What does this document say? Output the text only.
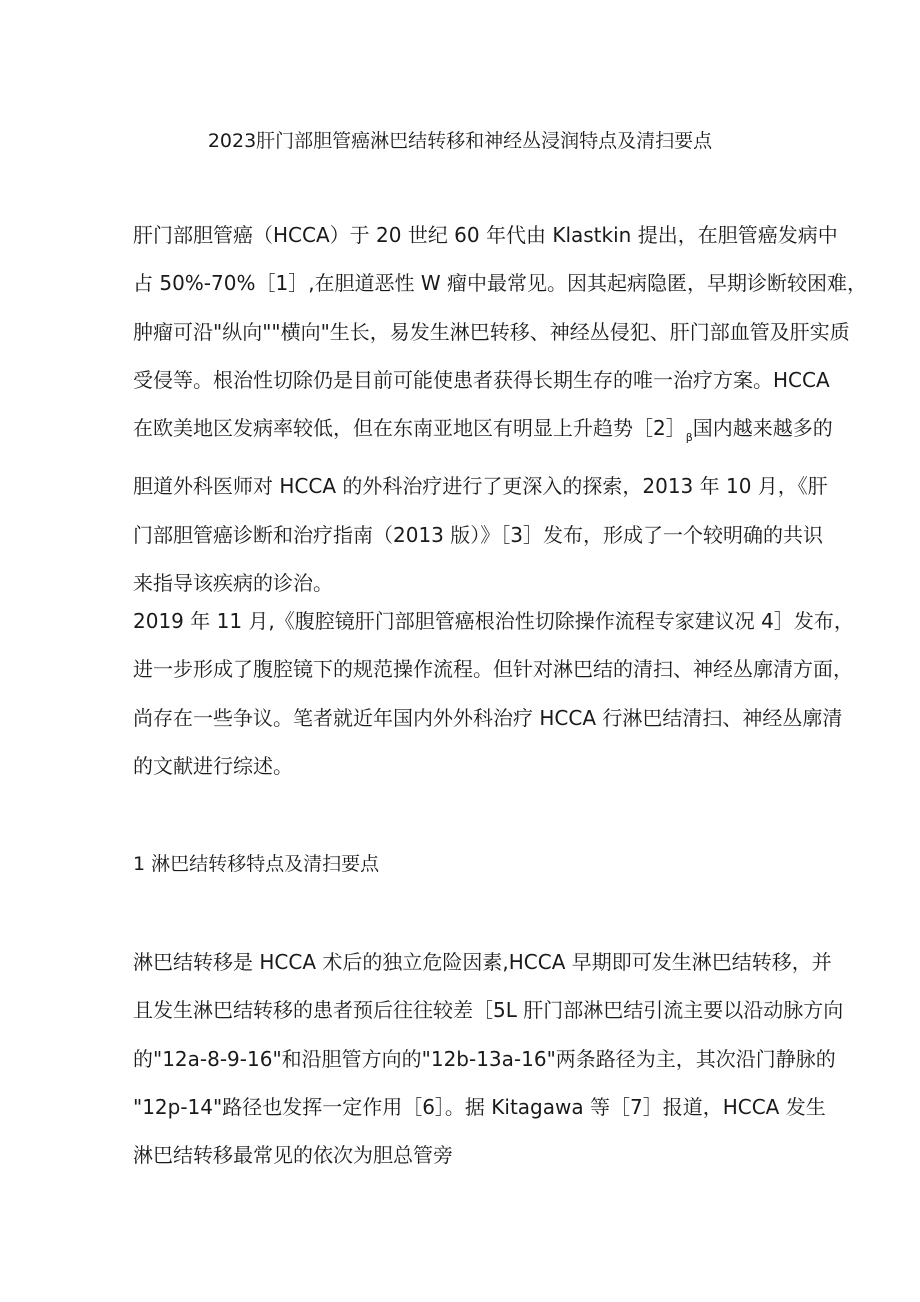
2023肝门部胆管癌淋巴结转移和神经丛浸润特点及清扫要点
肝门部胆管癌（HCCA）于 20 世纪 60 年代由 Klastkin 提出，在胆管癌发病中
占 50%-70%［1］,在胆道恶性 W 瘤中最常见。因其起病隐匿，早期诊断较困难，
肿瘤可沿"纵向""横向"生长，易发生淋巴转移、神经丛侵犯、肝门部血管及肝实质
受侵等。根治性切除仍是目前可能使患者获得长期生存的唯一治疗方案。HCCA
在欧美地区发病率较低，但在东南亚地区有明显上升趋势$[2]_\beta$国内越来越多的
胆道外科医师对 HCCA 的外科治疗进行了更深入的探索，2013 年 10 月，《肝
门部胆管癌诊断和治疗指南（2013 版）》［3］发布，形成了一个较明确的共识
来指导该疾病的诊治。
2019 年 11 月,《腹腔镜肝门部胆管癌根治性切除操作流程专家建议况 4］发布，
进一步形成了腹腔镜下的规范操作流程。但针对淋巴结的清扫、神经丛廓清方面，
尚存在一些争议。笔者就近年国内外外科治疗 HCCA 行淋巴结清扫、神经丛廓清
的文献进行综述。
1 淋巴结转移特点及清扫要点
淋巴结转移是 HCCA 术后的独立危险因素,HCCA 早期即可发生淋巴结转移，并
且发生淋巴结转移的患者预后往往较差［5L 肝门部淋巴结引流主要以沿动脉方向
的"12a-8-9-16"和沿胆管方向的"12b-13a-16"两条路径为主，其次沿门静脉的
"12p-14"路径也发挥一定作用［6］。据 Kitagawa 等［7］报道，HCCA 发生
淋巴结转移最常见的依次为胆总管旁
